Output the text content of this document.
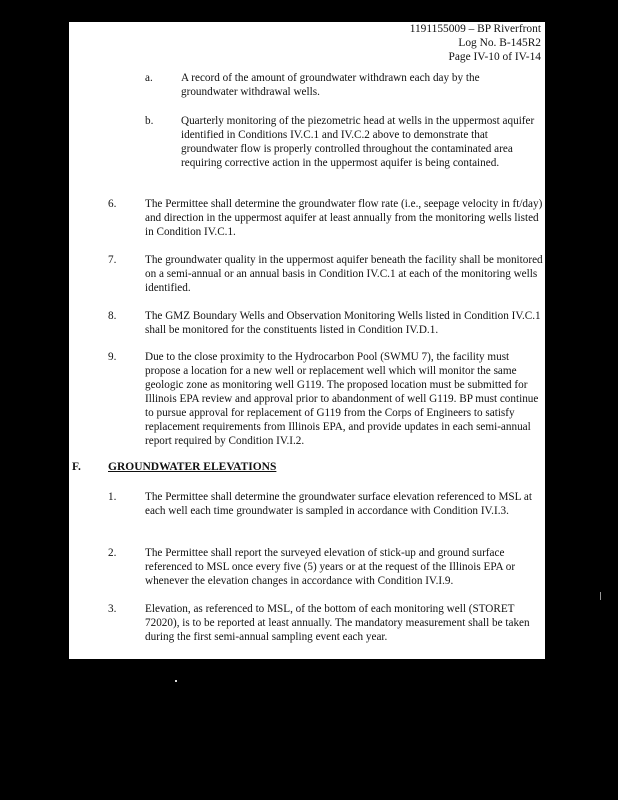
1191155009 – BP Riverfront
Log No. B-145R2
Page IV-10 of IV-14
a.	A record of the amount of groundwater withdrawn each day by the groundwater withdrawal wells.
b. Quarterly monitoring of the piezometric head at wells in the uppermost aquifer identified in Conditions IV.C.1 and IV.C.2 above to demonstrate that groundwater flow is properly controlled throughout the contaminated area requiring corrective action in the uppermost aquifer is being contained.
6.	The Permittee shall determine the groundwater flow rate (i.e., seepage velocity in ft/day) and direction in the uppermost aquifer at least annually from the monitoring wells listed in Condition IV.C.1.
7.	The groundwater quality in the uppermost aquifer beneath the facility shall be monitored on a semi-annual or an annual basis in Condition IV.C.1 at each of the monitoring wells identified.
8.	The GMZ Boundary Wells and Observation Monitoring Wells listed in Condition IV.C.1 shall be monitored for the constituents listed in Condition IV.D.1.
9.	Due to the close proximity to the Hydrocarbon Pool (SWMU 7), the facility must propose a location for a new well or replacement well which will monitor the same geologic zone as monitoring well G119. The proposed location must be submitted for Illinois EPA review and approval prior to abandonment of well G119. BP must continue to pursue approval for replacement of G119 from the Corps of Engineers to satisfy replacement requirements from Illinois EPA, and provide updates in each semi-annual report required by Condition IV.I.2.
F. GROUNDWATER ELEVATIONS
1.	The Permittee shall determine the groundwater surface elevation referenced to MSL at each well each time groundwater is sampled in accordance with Condition IV.I.3.
2.	The Permittee shall report the surveyed elevation of stick-up and ground surface referenced to MSL once every five (5) years or at the request of the Illinois EPA or whenever the elevation changes in accordance with Condition IV.I.9.
3.	Elevation, as referenced to MSL, of the bottom of each monitoring well (STORET 72020), is to be reported at least annually. The mandatory measurement shall be taken during the first semi-annual sampling event each year.
